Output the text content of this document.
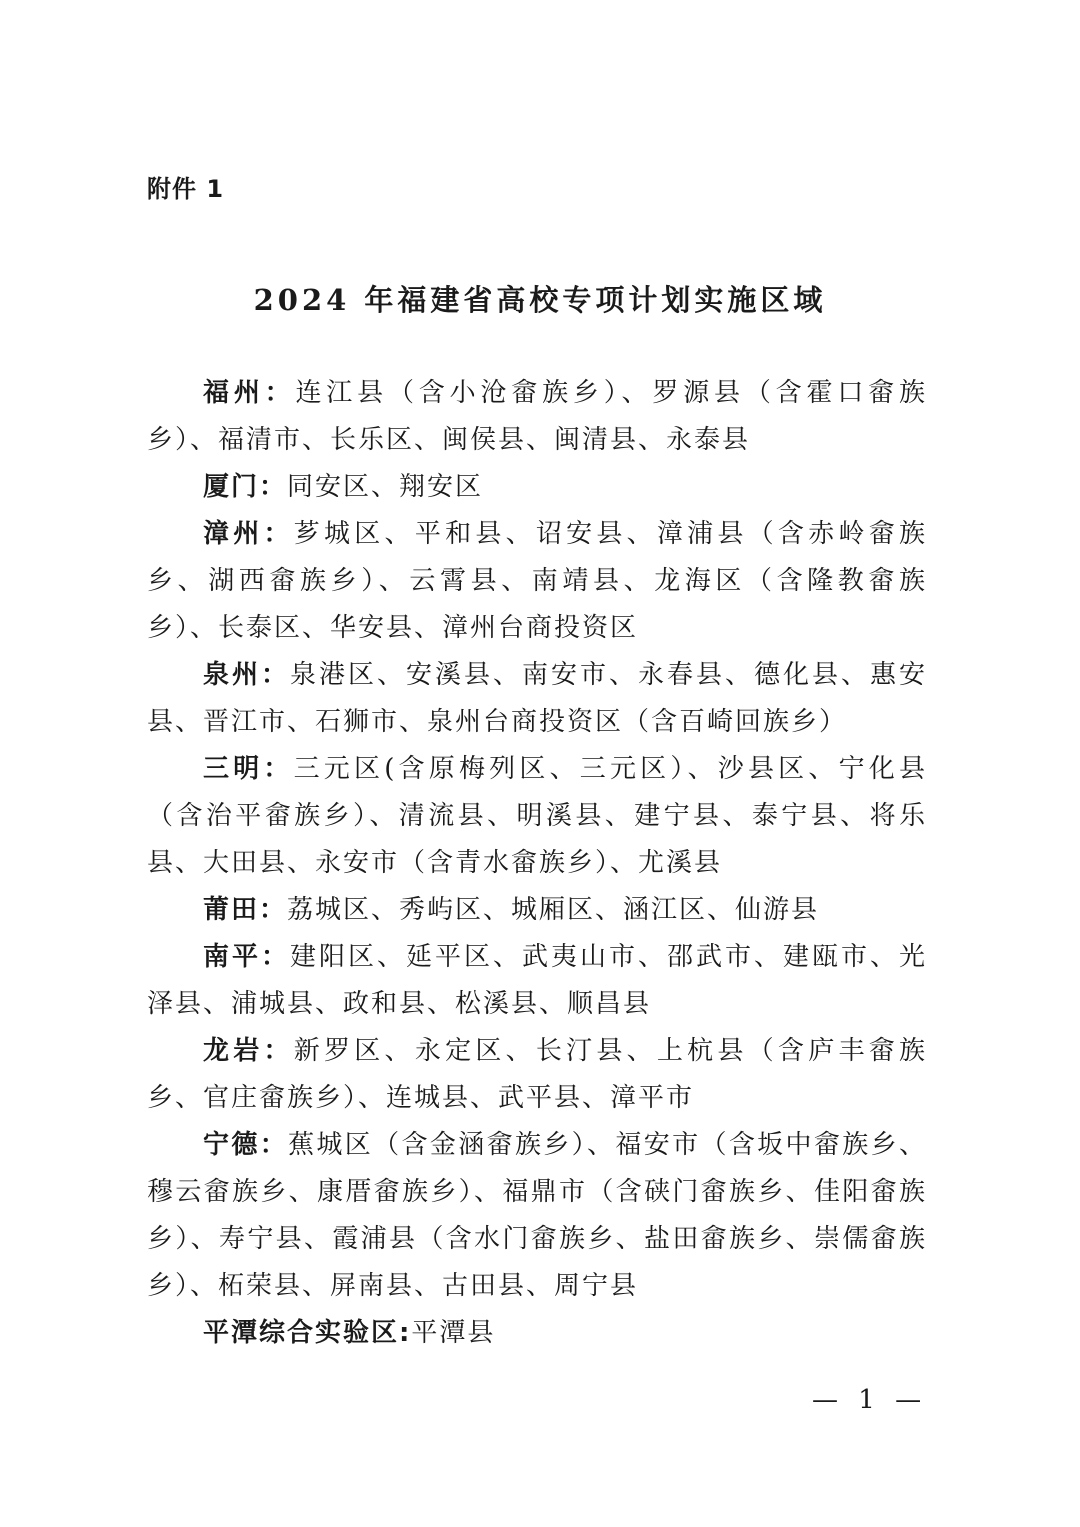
附件 1
2024 年福建省高校专项计划实施区域

福州：连江县（含小沧畲族乡）、罗源县（含霍口畲族乡）、福清市、长乐区、闽侯县、闽清县、永泰县

厦门：同安区、翔安区

漳州：芗城区、平和县、诏安县、漳浦县（含赤岭畲族乡、湖西畲族乡）、云霄县、南靖县、龙海区（含隆教畲族乡）、长泰区、华安县、漳州台商投资区

泉州：泉港区、安溪县、南安市、永春县、德化县、惠安县、晋江市、石狮市、泉州台商投资区（含百崎回族乡）

三明：三元区(含原梅列区、三元区）、沙县区、宁化县（含治平畲族乡）、清流县、明溪县、建宁县、泰宁县、将乐县、大田县、永安市（含青水畲族乡）、尤溪县

莆田：荔城区、秀屿区、城厢区、涵江区、仙游县

南平：建阳区、延平区、武夷山市、邵武市、建瓯市、光泽县、浦城县、政和县、松溪县、顺昌县

龙岩：新罗区、永定区、长汀县、上杭县（含庐丰畲族乡、官庄畲族乡）、连城县、武平县、漳平市

宁德：蕉城区（含金涵畲族乡）、福安市（含坂中畲族乡、穆云畲族乡、康厝畲族乡）、福鼎市（含硖门畲族乡、佳阳畲族乡）、寿宁县、霞浦县（含水门畲族乡、盐田畲族乡、崇儒畲族乡）、柘荣县、屏南县、古田县、周宁县

平潭综合实验区:平潭县

— 1 —
